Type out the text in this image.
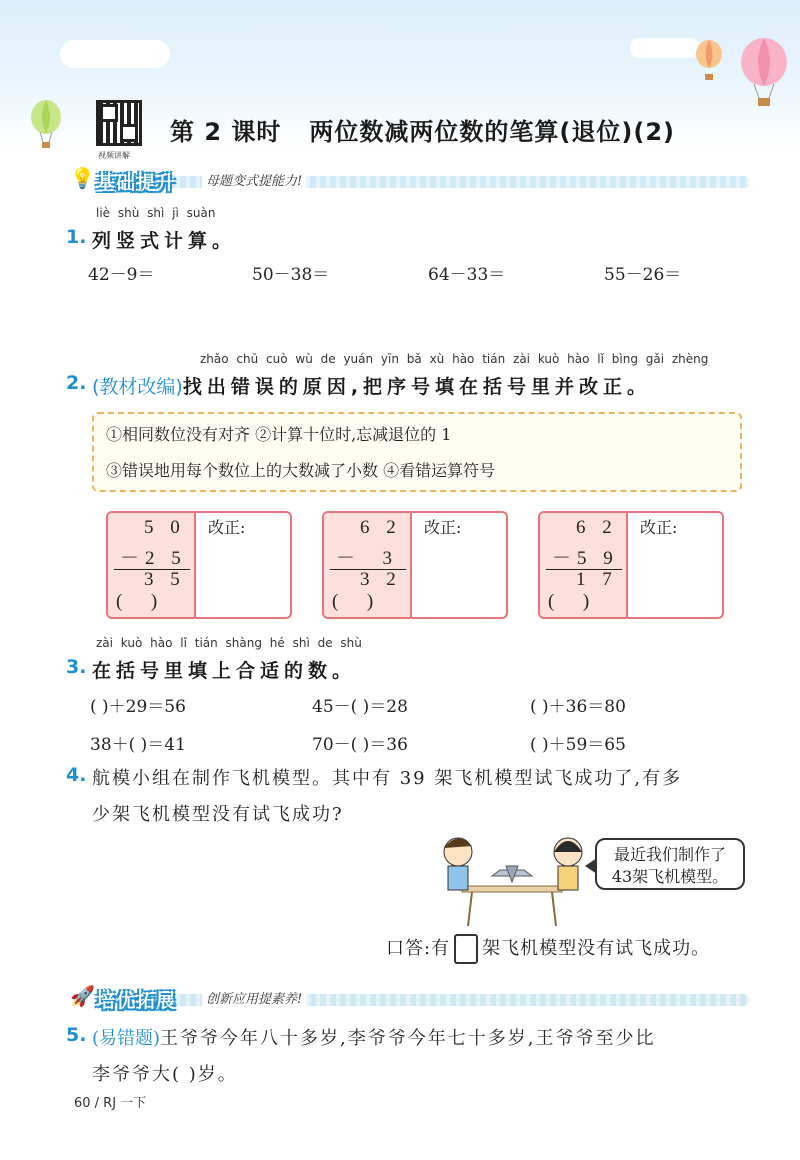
视频讲解
第 2 课时 两位数减两位数的笔算(退位)(2)
💡 基础提升	母题变式提能力!
liè shù shì jì suàn
1. 列竖式计算。
42－9＝	50－38＝	64－33＝	55－26＝
zhǎo chū cuò wù de yuán yīn bǎ xù hào tián zài kuò hào lǐ bìng gǎi zhèng
2. (教材改编)找出错误的原因,把序号填在括号里并改正。
①相同数位没有对齐 ②计算十位时,忘减退位的 1
③错误地用每个数位上的大数减了小数 ④看错运算符号
5 0
－2 5
3 5
(      )
改正:	6 2
－  3
3 2
(      )
改正:	6 2
－5 9
1 7
(      )
改正:
zài kuò hào lǐ tián shàng hé shì de shù
3. 在括号里填上合适的数。
( )＋29＝56	45－( )＝28	( )＋36＝80
38＋( )＝41	70－( )＝36	( )＋59＝65
4. 航模小组在制作飞机模型。其中有 39 架飞机模型试飞成功了,有多
少架飞机模型没有试飞成功?
最近我们制作了
43架飞机模型。
口答:有 架飞机模型没有试飞成功。
🚀 培优拓展	创新应用提素养!
5. (易错题)王爷爷今年八十多岁,李爷爷今年七十多岁,王爷爷至少比
李爷爷大( )岁。
60 / RJ 一下
